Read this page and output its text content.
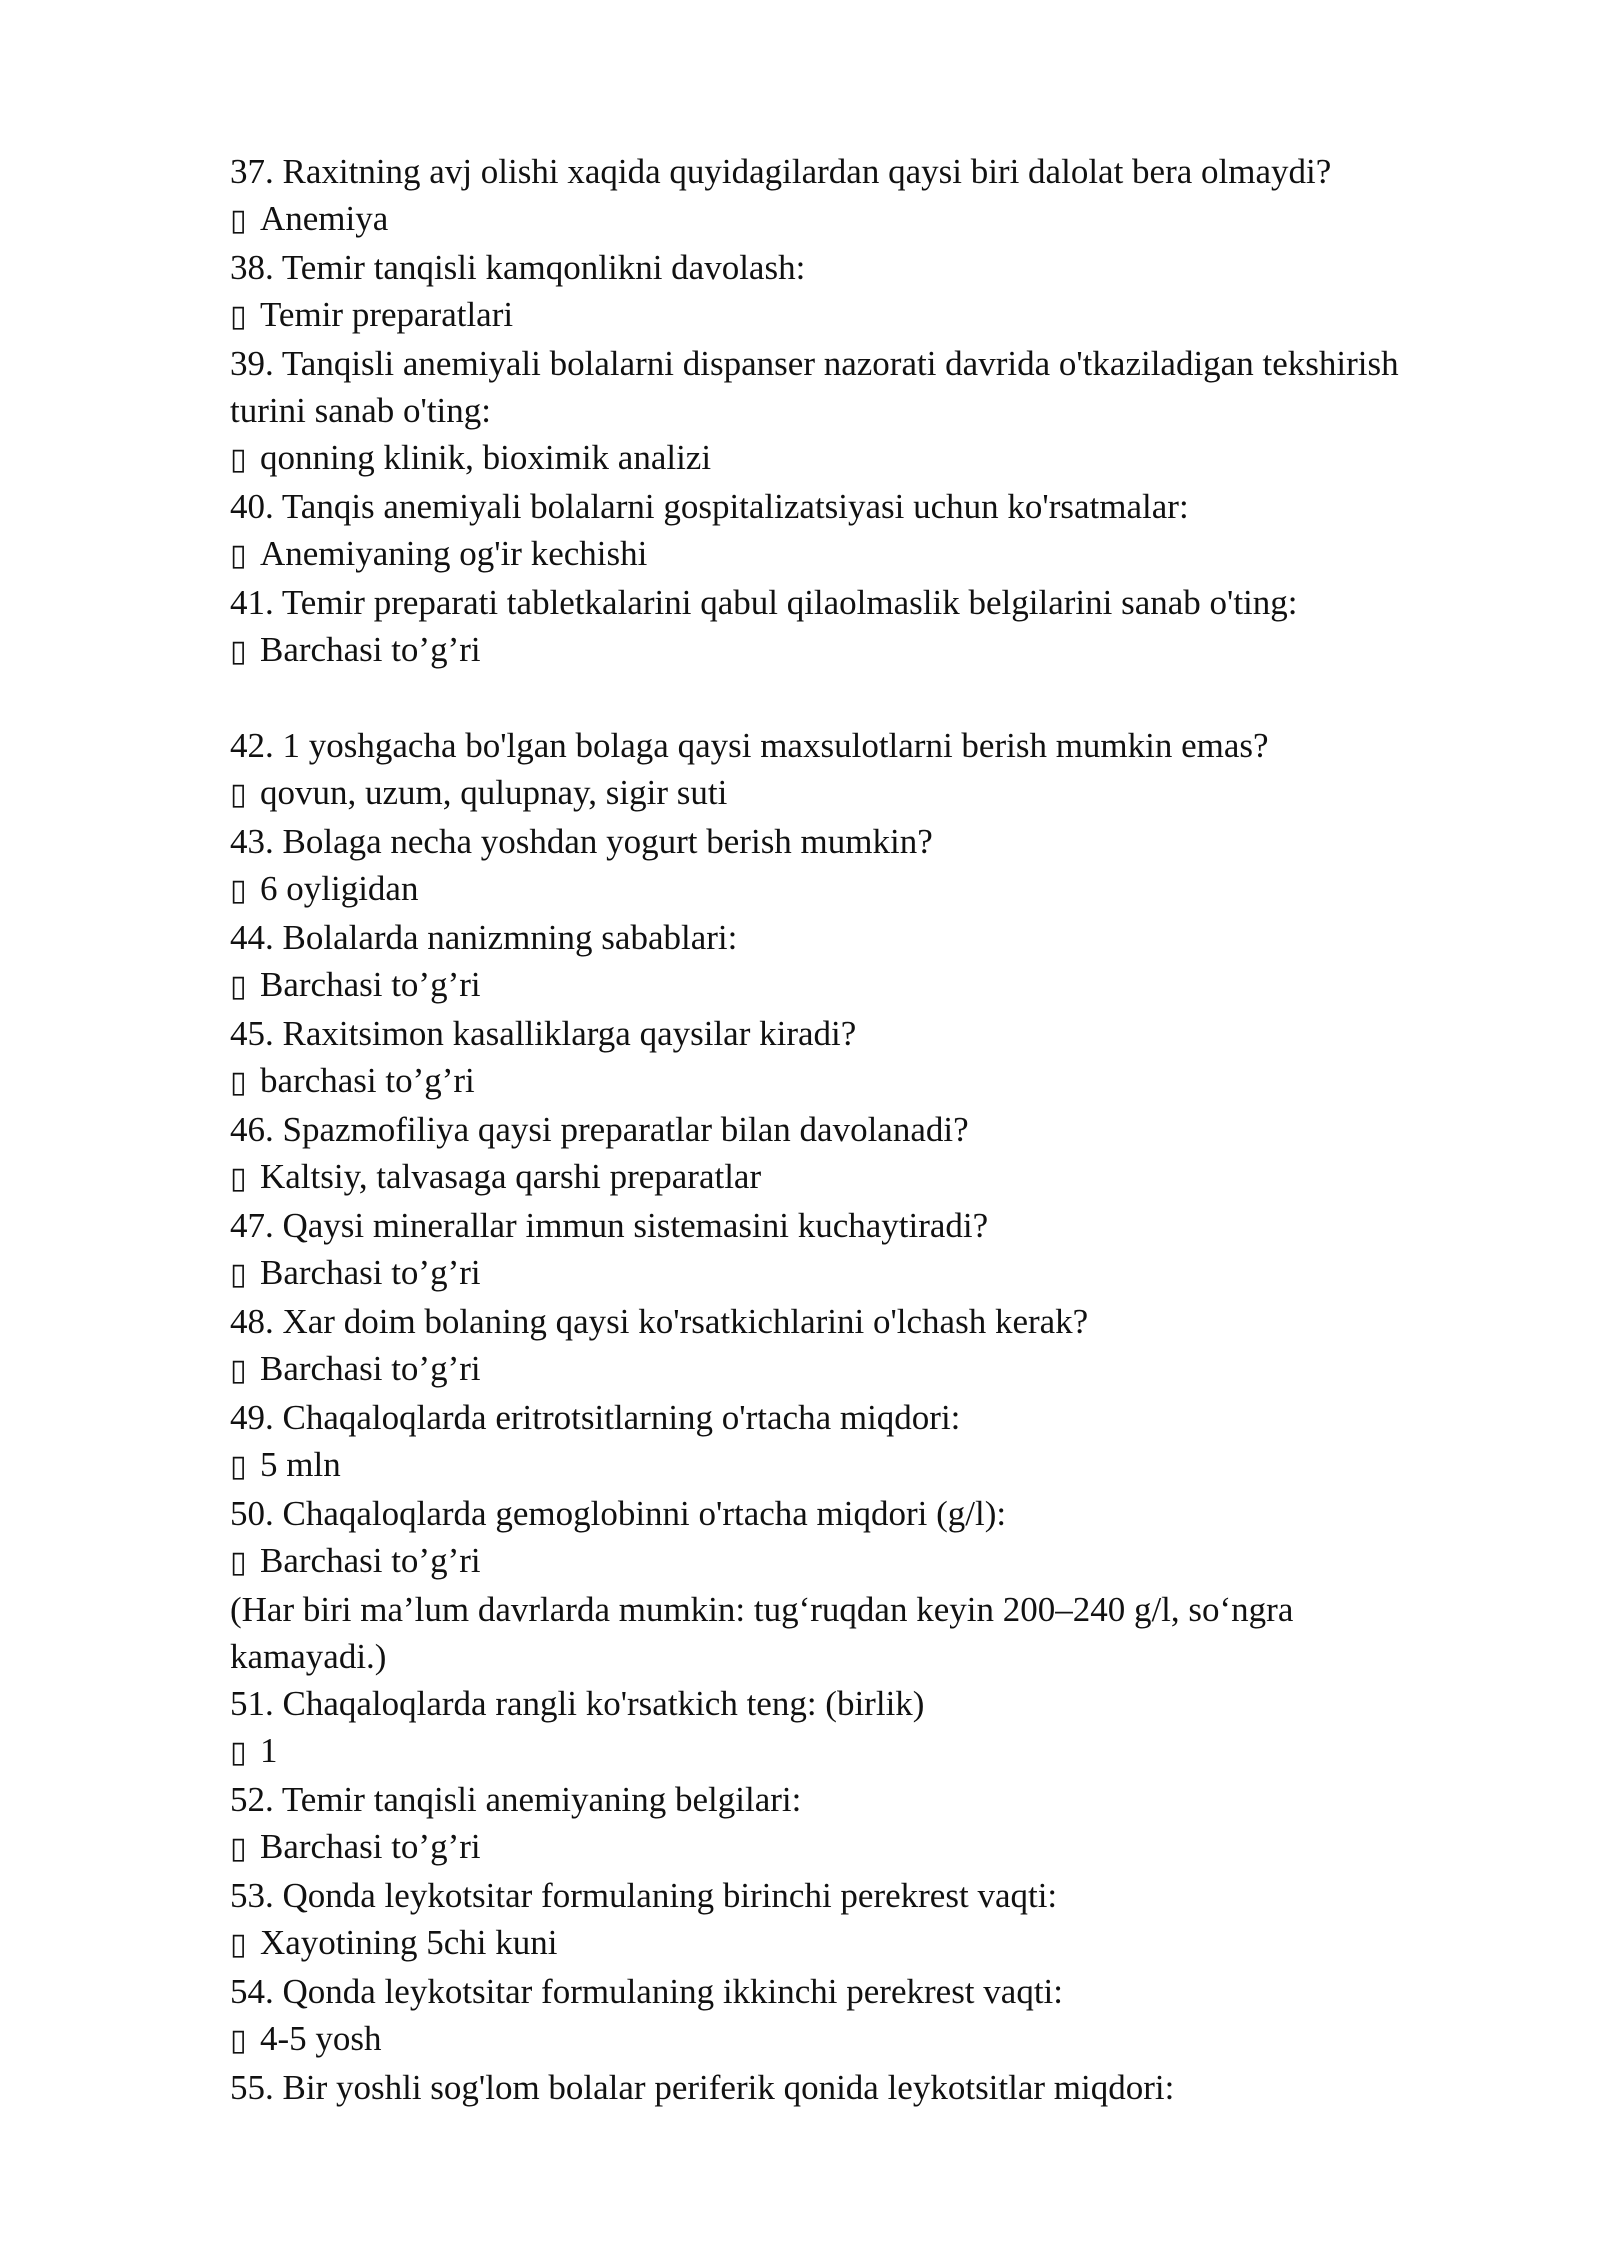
37. Raxitning avj olishi xaqida quyidagilardan qaysi biri dalolat bera olmaydi?

▯ Anemiya

38. Temir tanqisli kamqonlikni davolash:

▯ Temir preparatlari

39. Tanqisli anemiyali bolalarni dispanser nazorati davrida o'tkaziladigan tekshirish turini sanab o'ting:

▯ qonning klinik, bioximik analizi

40. Tanqis anemiyali bolalarni gospitalizatsiyasi uchun ko'rsatmalar:

▯ Anemiyaning og'ir kechishi

41. Temir preparati tabletkalarini qabul qilaolmaslik belgilarini sanab o'ting:

▯ Barchasi to’g’ri

42. 1 yoshgacha bo'lgan bolaga qaysi maxsulotlarni berish mumkin emas?

▯ qovun, uzum, qulupnay, sigir suti

43. Bolaga necha yoshdan yogurt berish mumkin?

▯ 6 oyligidan

44. Bolalarda nanizmning sabablari:

▯ Barchasi to’g’ri

45. Raxitsimon kasalliklarga qaysilar kiradi?

▯ barchasi to’g’ri

46. Spazmofiliya qaysi preparatlar bilan davolanadi?

▯ Kaltsiy, talvasaga qarshi preparatlar

47. Qaysi minerallar immun sistemasini kuchaytiradi?

▯ Barchasi to’g’ri

48. Xar doim bolaning qaysi ko'rsatkichlarini o'lchash kerak?

▯ Barchasi to’g’ri

49. Chaqaloqlarda eritrotsitlarning o'rtacha miqdori:

▯ 5 mln

50. Chaqaloqlarda gemoglobinni o'rtacha miqdori (g/l):

▯ Barchasi to’g’ri

(Har biri ma’lum davrlarda mumkin: tug‘ruqdan keyin 200–240 g/l, so‘ngra kamayadi.)

51. Chaqaloqlarda rangli ko'rsatkich teng: (birlik)

▯ 1

52. Temir tanqisli anemiyaning belgilari:

▯ Barchasi to’g’ri

53. Qonda leykotsitar formulaning birinchi perekrest vaqti:

▯ Xayotining 5chi kuni

54. Qonda leykotsitar formulaning ikkinchi perekrest vaqti:

▯ 4-5 yosh

55. Bir yoshli sog'lom bolalar periferik qonida leykotsitlar miqdori:
